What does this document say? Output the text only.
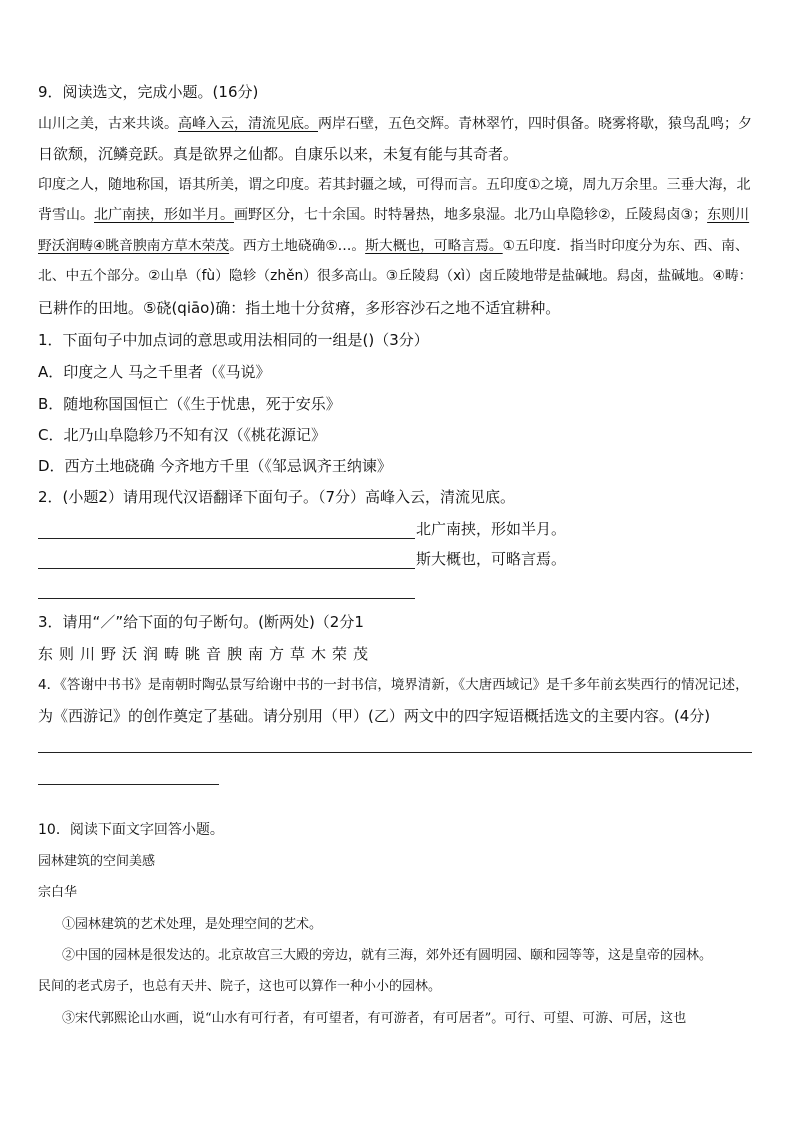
9．阅读选文，完成小题。(16分)
山川之美，古来共谈。高峰入云，清流见底。两岸石壁，五色交辉。青林翠竹，四时俱备。晓雾将歇，猿鸟乱鸣；夕
日欲颓，沉鳞竞跃。真是欲界之仙都。自康乐以来，未复有能与其奇者。
印度之人，随地称国，语其所美，谓之印度。若其封疆之域，可得而言。五印度①之境，周九万余里。三垂大海，北
背雪山。北广南挟，形如半月。画野区分，七十余国。时特暑热，地多泉湿。北乃山阜隐轸②，丘陵舄卤③；东则川
野沃润畴④眺音腴南方草木荣茂。西方土地硗确⑤…。斯大概也，可略言焉。①五印度．指当时印度分为东、西、南、
北、中五个部分。②山阜（fù）隐轸（zhěn）很多高山。③丘陵舄（xì）卤丘陵地带是盐碱地。舄卤，盐碱地。④畴：
已耕作的田地。⑤硗(qiāo)确：指土地十分贫瘠，多形容沙石之地不适宜耕种。
1．下面句子中加点词的意思或用法相同的一组是()（3分）
A．印度之人 马之千里者（《马说》
B．随地称国国恒亡（《生于忧患，死于安乐》
C．北乃山阜隐轸乃不知有汉（《桃花源记》
D．西方土地硗确 今齐地方千里（《邹忌讽齐王纳谏》
2．(小题2）请用现代汉语翻译下面句子。（7分）高峰入云，清流见底。
北广南挟，形如半月。
斯大概也，可略言焉。
3．请用“／”给下面的句子断句。(断两处)（2分1
东则川野沃润畴眺音腴南方草木荣茂
4．《答谢中书书》是南朝时陶弘景写给谢中书的一封书信，境界清新，《大唐西域记》是千多年前玄奘西行的情况记述，
为《西游记》的创作奠定了基础。请分别用（甲）(乙）两文中的四字短语概括选文的主要内容。(4分)
10．阅读下面文字回答小题。
园林建筑的空间美感
宗白华
①园林建筑的艺术处理，是处理空间的艺术。
②中国的园林是很发达的。北京故宫三大殿的旁边，就有三海，郊外还有圆明园、颐和园等等，这是皇帝的园林。
民间的老式房子，也总有天井、院子，这也可以算作一种小小的园林。
③宋代郭熙论山水画，说“山水有可行者，有可望者，有可游者，有可居者”。可行、可望、可游、可居，这也
